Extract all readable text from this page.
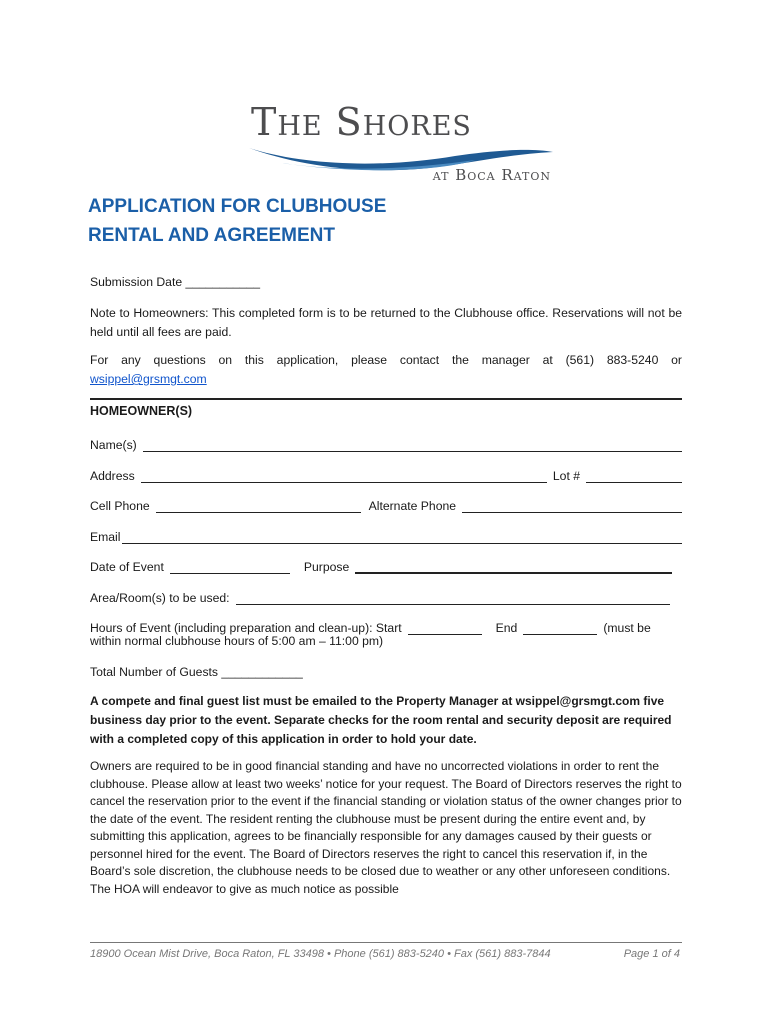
The Shores
at Boca Raton
APPLICATION FOR CLUBHOUSE
RENTAL AND AGREEMENT

Submission Date ___________

Note to Homeowners: This completed form is to be returned to the Clubhouse office. Reservations will not be held until all fees are paid.

For any questions on this application, please contact the manager at (561) 883-5240 or

wsippel@grsmgt.com

HOMEOWNER(S)
Name(s)
Address	Lot #
Cell Phone	Alternate Phone
Email
Date of Event	Purpose
Area/Room(s) to be used:
Hours of Event (including preparation and clean-up): Start	End	(must be

within normal clubhouse hours of 5:00 am – 11:00 pm)

Total Number of Guests ____________

A compete and final guest list must be emailed to the Property Manager at wsippel@grsmgt.com five business day prior to the event. Separate checks for the room rental and security deposit are required with a completed copy of this application in order to hold your date.

Owners are required to be in good financial standing and have no uncorrected violations in order to rent the clubhouse. Please allow at least two weeks’ notice for your request. The Board of Directors reserves the right to cancel the reservation prior to the event if the financial standing or violation status of the owner changes prior to the date of the event. The resident renting the clubhouse must be present during the entire event and, by submitting this application, agrees to be financially responsible for any damages caused by their guests or personnel hired for the event. The Board of Directors reserves the right to cancel this reservation if, in the Board’s sole discretion, the clubhouse needs to be closed due to weather or any other unforeseen conditions. The HOA will endeavor to give as much notice as possible

18900 Ocean Mist Drive, Boca Raton, FL 33498 • Phone (561) 883-5240 • Fax (561) 883-7844	Page 1 of 4
